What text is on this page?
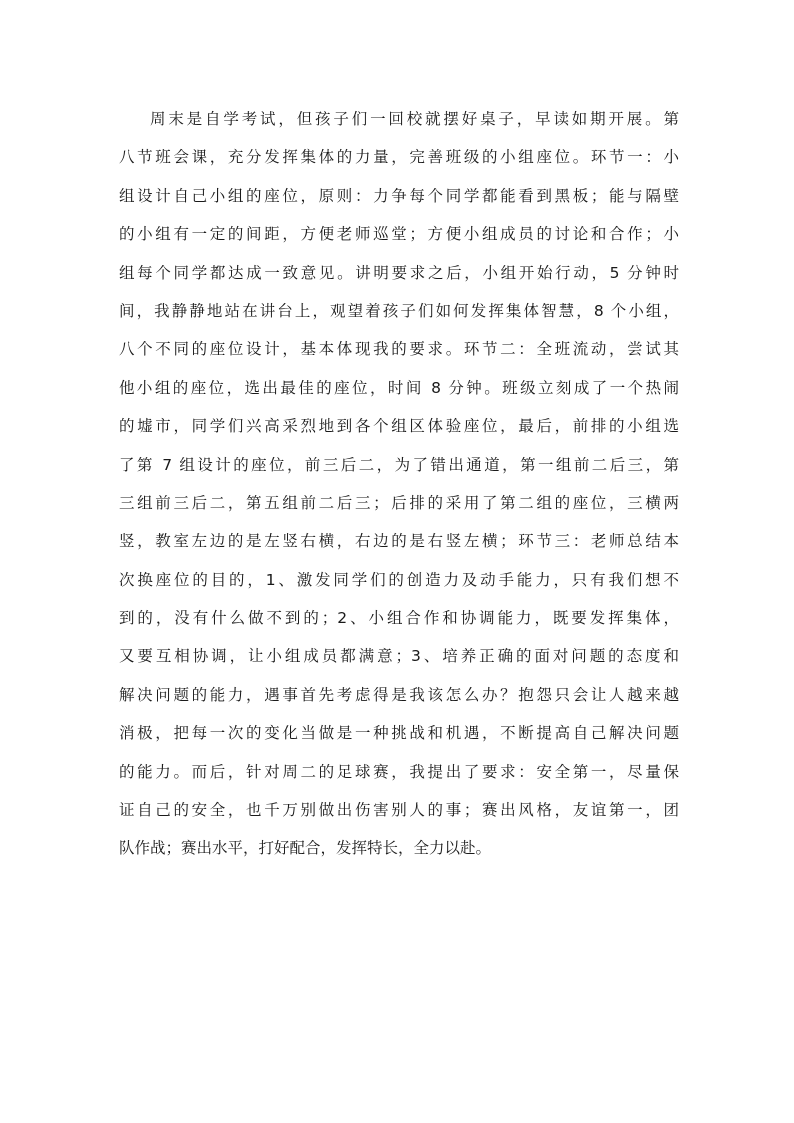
周末是自学考试，但孩子们一回校就摆好桌子，早读如期开展。第
八节班会课，充分发挥集体的力量，完善班级的小组座位。环节一：小
组设计自己小组的座位，原则：力争每个同学都能看到黑板；能与隔壁
的小组有一定的间距，方便老师巡堂；方便小组成员的讨论和合作；小
组每个同学都达成一致意见。讲明要求之后，小组开始行动，5 分钟时
间，我静静地站在讲台上，观望着孩子们如何发挥集体智慧，8 个小组，
八个不同的座位设计，基本体现我的要求。环节二：全班流动，尝试其
他小组的座位，选出最佳的座位，时间 8 分钟。班级立刻成了一个热闹
的墟市，同学们兴高采烈地到各个组区体验座位，最后，前排的小组选
了第 7 组设计的座位，前三后二，为了错出通道，第一组前二后三，第
三组前三后二，第五组前二后三；后排的采用了第二组的座位，三横两
竖，教室左边的是左竖右横，右边的是右竖左横；环节三：老师总结本
次换座位的目的，1、激发同学们的创造力及动手能力，只有我们想不
到的，没有什么做不到的；2、小组合作和协调能力，既要发挥集体，
又要互相协调，让小组成员都满意；3、培养正确的面对问题的态度和
解决问题的能力，遇事首先考虑得是我该怎么办？抱怨只会让人越来越
消极，把每一次的变化当做是一种挑战和机遇，不断提高自己解决问题
的能力。而后，针对周二的足球赛，我提出了要求：安全第一，尽量保
证自己的安全，也千万别做出伤害别人的事；赛出风格，友谊第一，团
队作战；赛出水平，打好配合，发挥特长，全力以赴。
